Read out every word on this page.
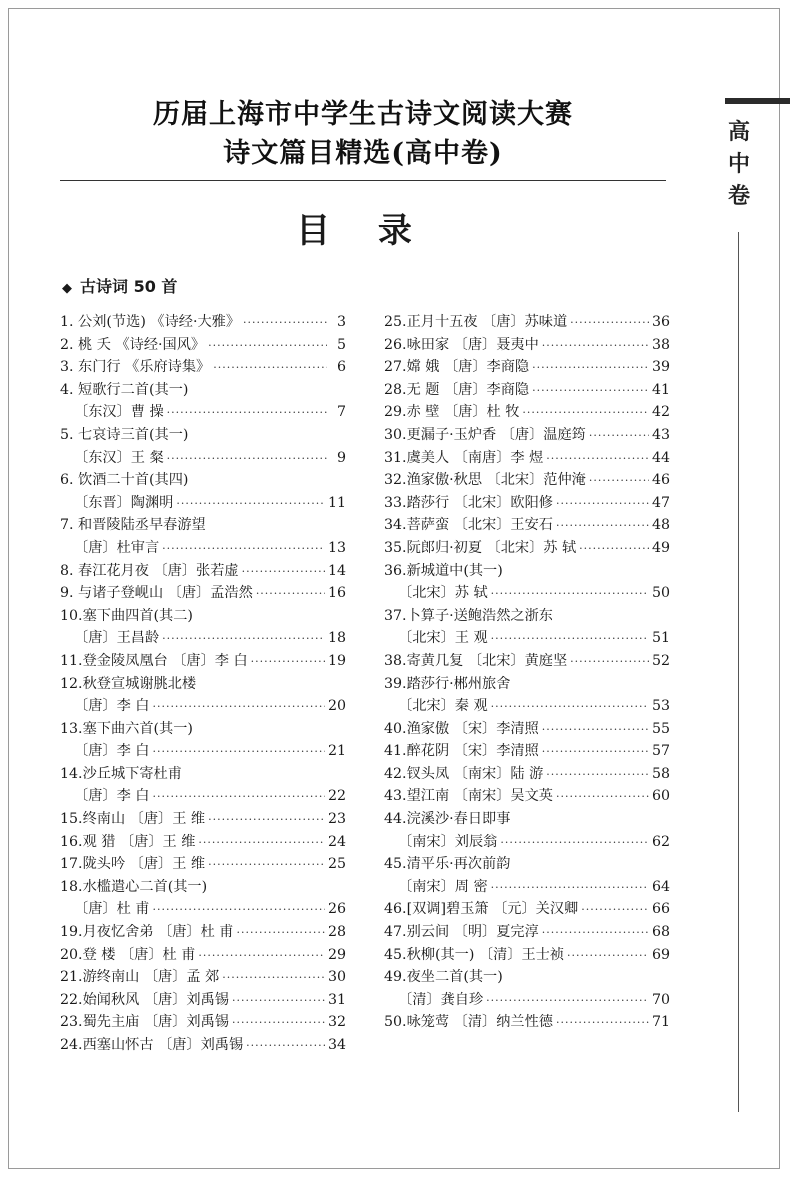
历届上海市中学生古诗文阅读大赛
诗文篇目精选(高中卷)
高中卷
目 录
◆ 古诗词 50 首
1. 公刘(节选) 《诗经·大雅》 ·····	3
2. 桃 夭 《诗经·国风》 ·····	5
3. 东门行 《乐府诗集》 ·····	6
4. 短歌行二首(其一)
〔东汉〕曹 操 ·····	7
5. 七哀诗三首(其一)
〔东汉〕王 粲 ·····	9
6. 饮酒二十首(其四)
〔东晋〕陶渊明 ·····	11
7. 和晋陵陆丞早春游望
〔唐〕杜审言 ·····	13
8. 春江花月夜 〔唐〕张若虚 ·····	14
9. 与诸子登岘山 〔唐〕孟浩然 ·····	16
10.塞下曲四首(其二)
〔唐〕王昌龄 ·····	18
11.登金陵凤凰台 〔唐〕李 白 ·····	19
12.秋登宣城谢朓北楼
〔唐〕李 白 ·····	20
13.塞下曲六首(其一)
〔唐〕李 白 ·····	21
14.沙丘城下寄杜甫
〔唐〕李 白 ·····	22
15.终南山 〔唐〕王 维 ·····	23
16.观 猎 〔唐〕王 维 ·····	24
17.陇头吟 〔唐〕王 维 ·····	25
18.水槛遣心二首(其一)
〔唐〕杜 甫 ·····	26
19.月夜忆舍弟 〔唐〕杜 甫 ·····	28
20.登 楼 〔唐〕杜 甫 ·····	29
21.游终南山 〔唐〕孟 郊 ·····	30
22.始闻秋风 〔唐〕刘禹锡 ·····	31
23.蜀先主庙 〔唐〕刘禹锡 ·····	32
24.西塞山怀古 〔唐〕刘禹锡 ·····	34
25.正月十五夜 〔唐〕苏味道 ·····	36
26.咏田家 〔唐〕聂夷中 ·····	38
27.嫦 娥 〔唐〕李商隐 ·····	39
28.无 题 〔唐〕李商隐 ·····	41
29.赤 壁 〔唐〕杜 牧 ·····	42
30.更漏子·玉炉香 〔唐〕温庭筠 ·····	43
31.虞美人 〔南唐〕李 煜 ·····	44
32.渔家傲·秋思 〔北宋〕范仲淹 ·····	46
33.踏莎行 〔北宋〕欧阳修 ·····	47
34.菩萨蛮 〔北宋〕王安石 ·····	48
35.阮郎归·初夏 〔北宋〕苏 轼 ·····	49
36.新城道中(其一)
〔北宋〕苏 轼 ·····	50
37.卜算子·送鲍浩然之浙东
〔北宋〕王 观 ·····	51
38.寄黄几复 〔北宋〕黄庭坚 ·····	52
39.踏莎行·郴州旅舍
〔北宋〕秦 观 ·····	53
40.渔家傲 〔宋〕李清照 ·····	55
41.醉花阴 〔宋〕李清照 ·····	57
42.钗头凤 〔南宋〕陆 游 ·····	58
43.望江南 〔南宋〕吴文英 ·····	60
44.浣溪沙·春日即事
〔南宋〕刘辰翁 ·····	62
45.清平乐·再次前韵
〔南宋〕周 密 ·····	64
46.[双调]碧玉箫 〔元〕关汉卿 ·····	66
47.别云间 〔明〕夏完淳 ·····	68
45.秋柳(其一) 〔清〕王士祯 ·····	69
49.夜坐二首(其一)
〔清〕龚自珍 ·····	70
50.咏笼莺 〔清〕纳兰性德 ·····	71
